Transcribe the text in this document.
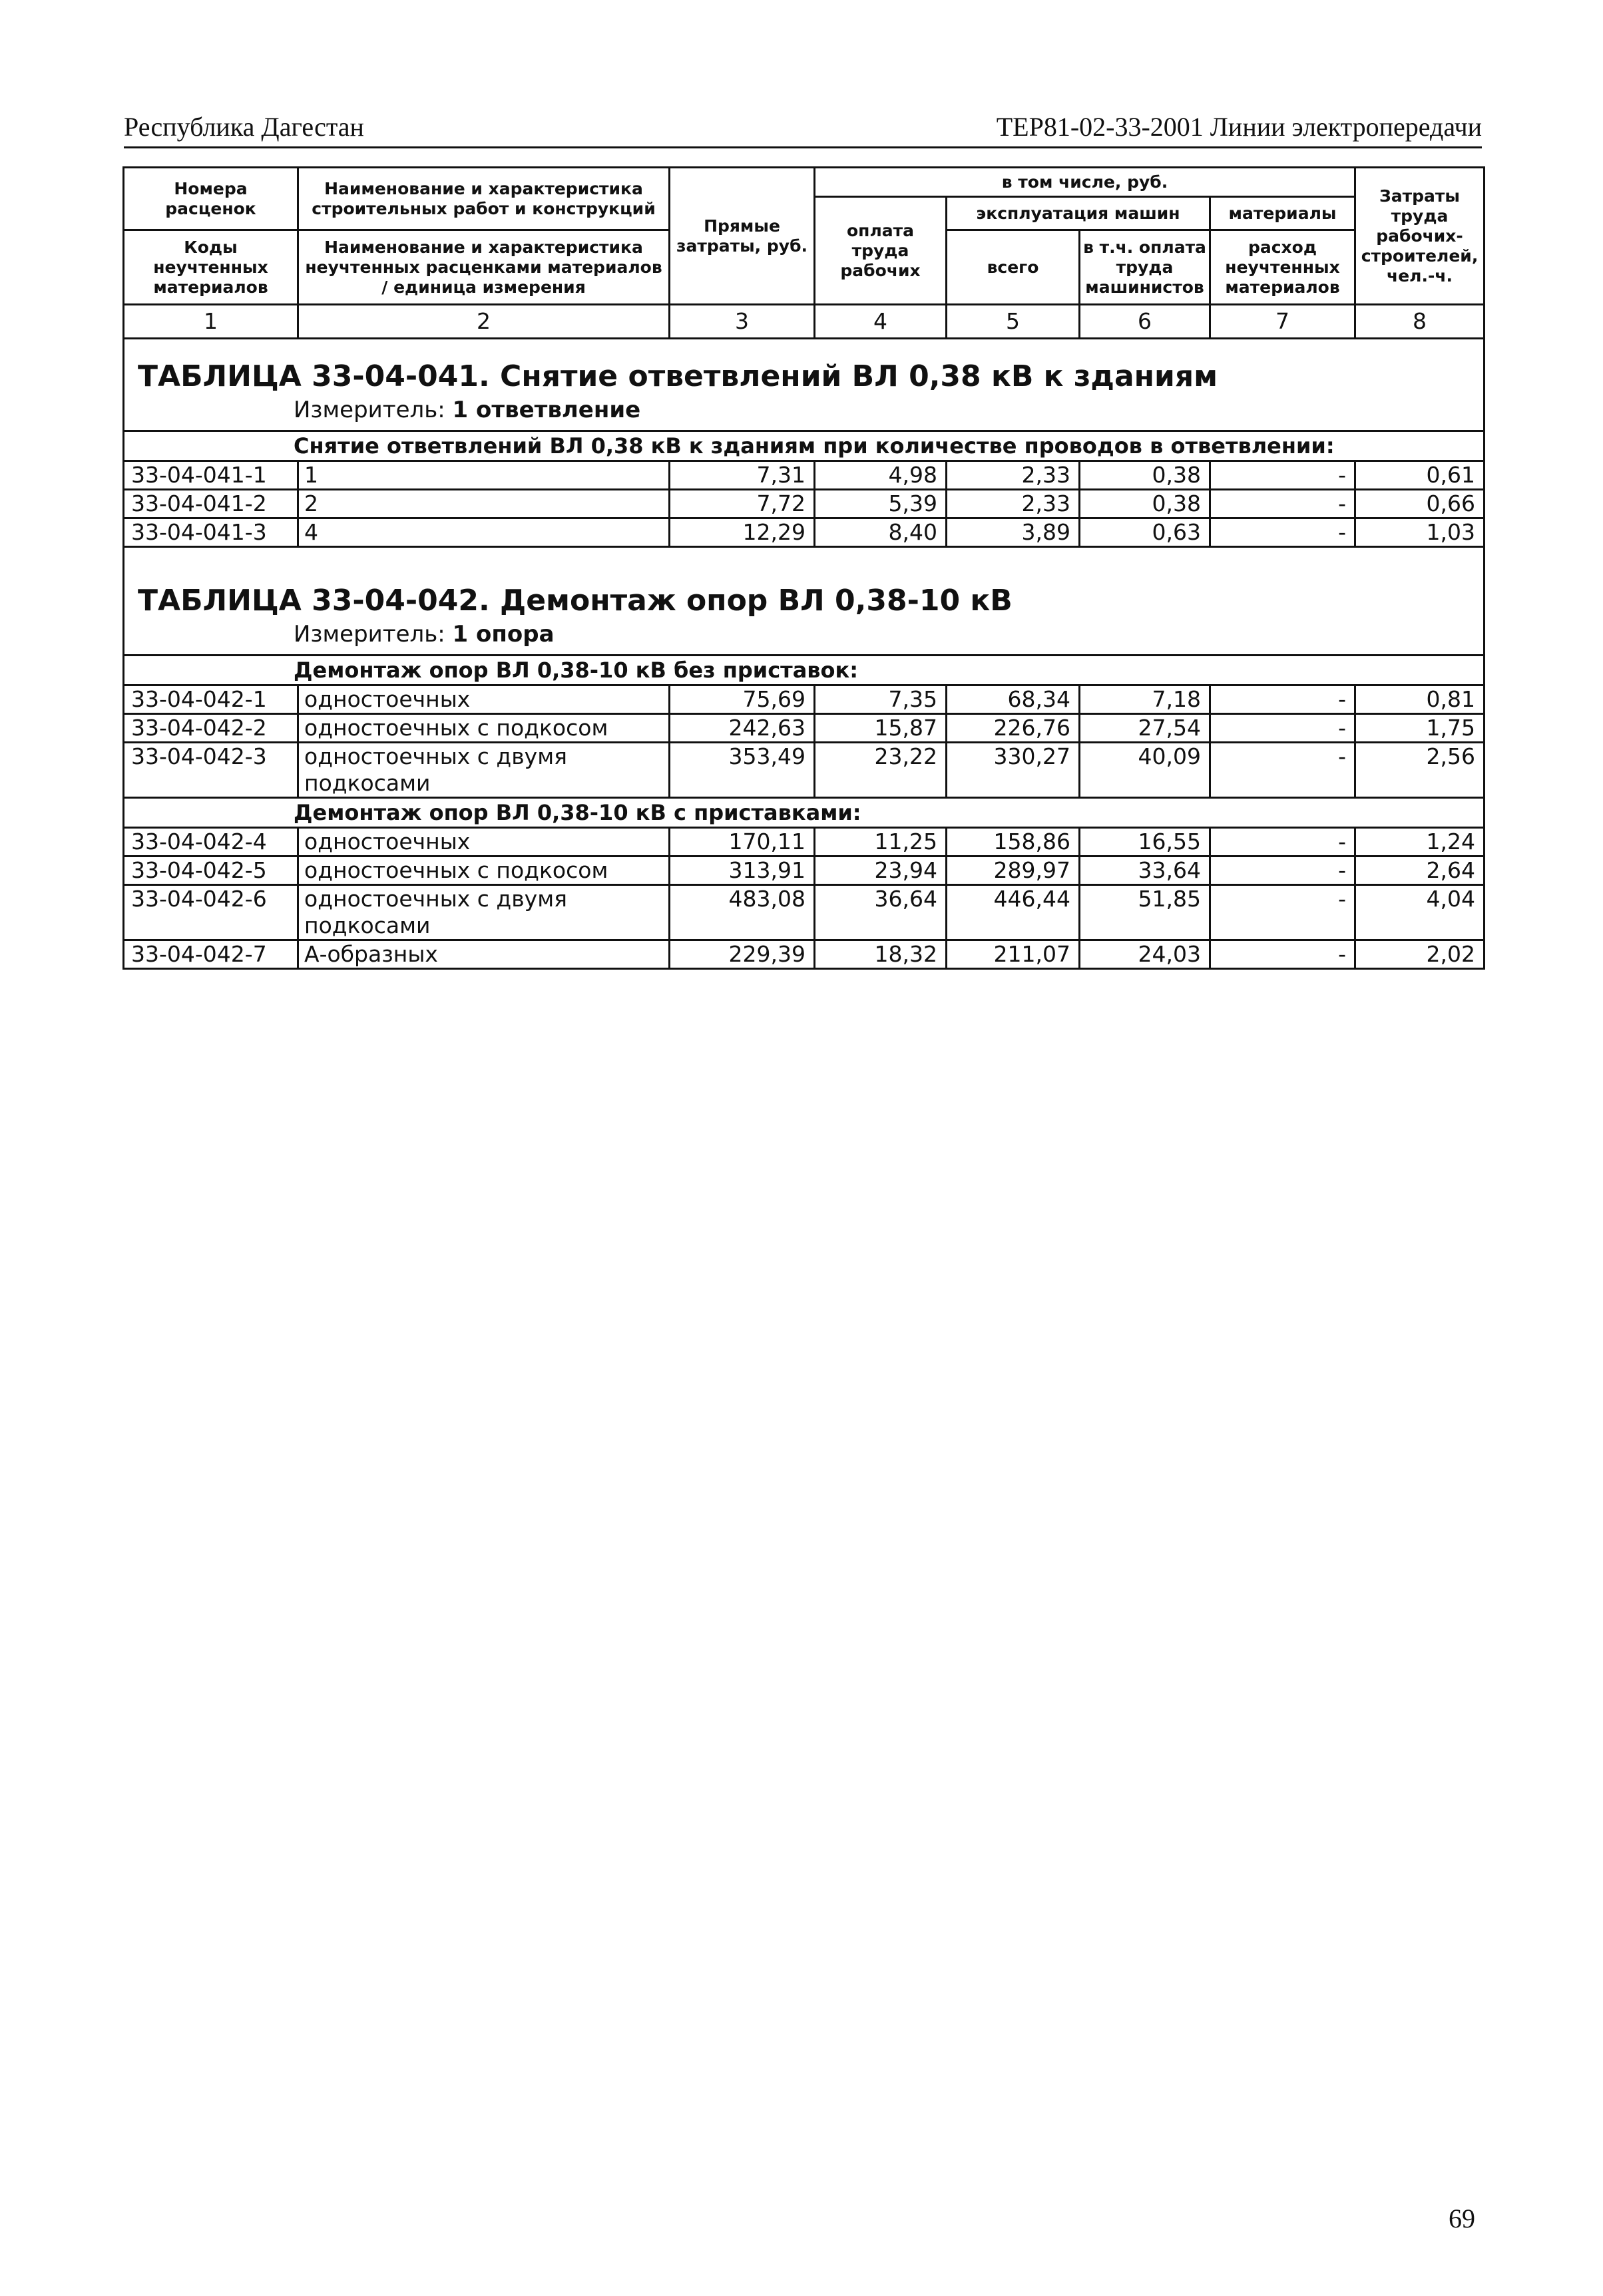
Республика Дагестан	ТЕР81-02-33-2001 Линии электропередачи
Номера расценок	Наименование и характеристика строительных работ и конструкций	Прямые затраты, руб.	в том числе, руб.				Затраты труда рабочих-строителей, чел.-ч.
			оплата труда рабочих	эксплуатация машин		материалы	

Коды неучтенных материалов	Наименование и характеристика неучтенных расценками материалов / единица измерения			всего	в т.ч. оплата труда машинистов	расход неучтенных материалов	

1	2	3	4	5	6	7	8
ТАБЛИЦА 33-04-041. Снятие ответвлений ВЛ 0,38 кВ к зданиям							
Измеритель: 1 ответвление							
Снятие ответвлений ВЛ 0,38 кВ к зданиям при количестве проводов в ответвлении:							
33-04-041-1	1	7,31	4,98	2,33	0,38	-	0,61
33-04-041-2	2	7,72	5,39	2,33	0,38	-	0,66
33-04-041-3	4	12,29	8,40	3,89	0,63	-	1,03

ТАБЛИЦА 33-04-042. Демонтаж опор ВЛ 0,38-10 кВ							
Измеритель: 1 опора							
Демонтаж опор ВЛ 0,38-10 кВ без приставок:							
33-04-042-1	одностоечных	75,69	7,35	68,34	7,18	-	0,81
33-04-042-2	одностоечных с подкосом	242,63	15,87	226,76	27,54	-	1,75
33-04-042-3	одностоечных с двумя подкосами	353,49	23,22	330,27	40,09	-	2,56
Демонтаж опор ВЛ 0,38-10 кВ с приставками:							
33-04-042-4	одностоечных	170,11	11,25	158,86	16,55	-	1,24
33-04-042-5	одностоечных с подкосом	313,91	23,94	289,97	33,64	-	2,64
33-04-042-6	одностоечных с двумя подкосами	483,08	36,64	446,44	51,85	-	4,04
33-04-042-7	А-образных	229,39	18,32	211,07	24,03	-	2,02
69
